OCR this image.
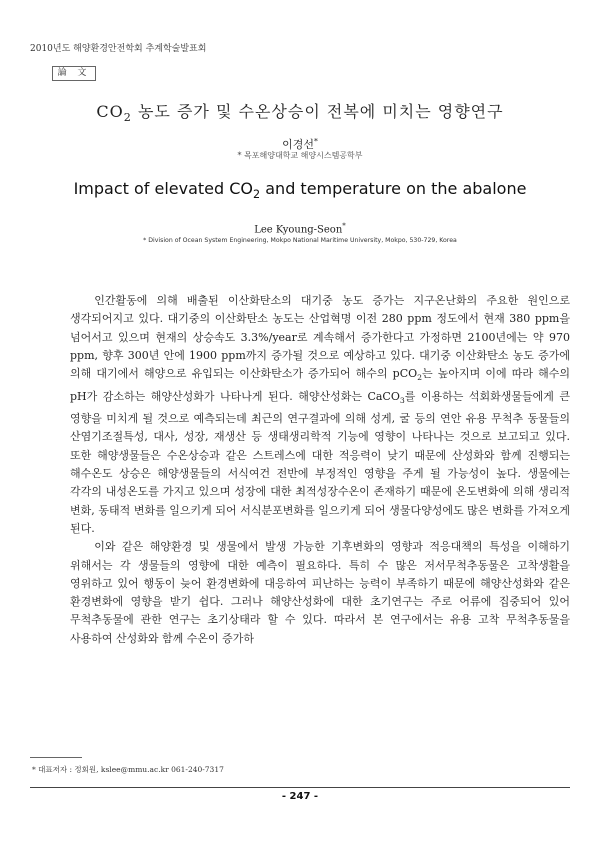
2010년도 해양환경안전학회 추계학술발표회
論 文
$CO_2$ 농도 증가 및 수온상승이 전복에 미치는 영향연구
이경선*
* 목포해양대학교 해양시스템공학부
Impact of elevated $CO_2$ and temperature on the abalone
Lee Kyoung-Seon*
* Division of Ocean System Engineering, Mokpo National Maritime University, Mokpo, 530-729, Korea

인간활동에 의해 배출된 이산화탄소의 대기중 농도 증가는 지구온난화의 주요한 원인으로 생각되어지고 있다. 대기중의 이산화탄소 농도는 산업혁명 이전 280 ppm 정도에서 현재 380 ppm을 넘어서고 있으며 현재의 상승속도 3.3%/year로 계속해서 증가한다고 가정하면 2100년에는 약 970 ppm, 향후 300년 안에 1900 ppm까지 증가될 것으로 예상하고 있다. 대기중 이산화탄소 농도 증가에 의해 대기에서 해양으로 유입되는 이산화탄소가 증가되어 해수의 pCO$_2$는 높아지며 이에 따라 해수의 pH가 감소하는 해양산성화가 나타나게 된다. 해양산성화는 CaCO$_3$를 이용하는 석회화생물들에게 큰 영향을 미치게 될 것으로 예측되는데 최근의 연구결과에 의해 성게, 굴 등의 연안 유용 무척추 동물들의 산염기조절특성, 대사, 성장, 재생산 등 생태생리학적 기능에 영향이 나타나는 것으로 보고되고 있다. 또한 해양생물들은 수온상승과 같은 스트레스에 대한 적응력이 낮기 때문에 산성화와 함께 진행되는 해수온도 상승은 해양생물들의 서식여건 전반에 부정적인 영향을 주게 될 가능성이 높다. 생물에는 각각의 내성온도를 가지고 있으며 성장에 대한 최적성장수온이 존재하기 때문에 온도변화에 의해 생리적 변화, 동태적 변화를 일으키게 되어 서식분포변화를 일으키게 되어 생물다양성에도 많은 변화를 가져오게 된다.

이와 같은 해양환경 및 생물에서 발생 가능한 기후변화의 영향과 적응대책의 특성을 이해하기 위해서는 각 생물들의 영향에 대한 예측이 필요하다. 특히 수 많은 저서무척추동물은 고착생활을 영위하고 있어 행동이 늦어 환경변화에 대응하여 피난하는 능력이 부족하기 때문에 해양산성화와 같은 환경변화에 영향을 받기 쉽다. 그러나 해양산성화에 대한 초기연구는 주로 어류에 집중되어 있어 무척추동물에 관한 연구는 초기상태라 할 수 있다. 따라서 본 연구에서는 유용 고착 무척추동물을 사용하여 산성화와 함께 수온이 증가하

* 대표저자 : 정회원, kslee@mmu.ac.kr 061-240-7317
- 247 -
